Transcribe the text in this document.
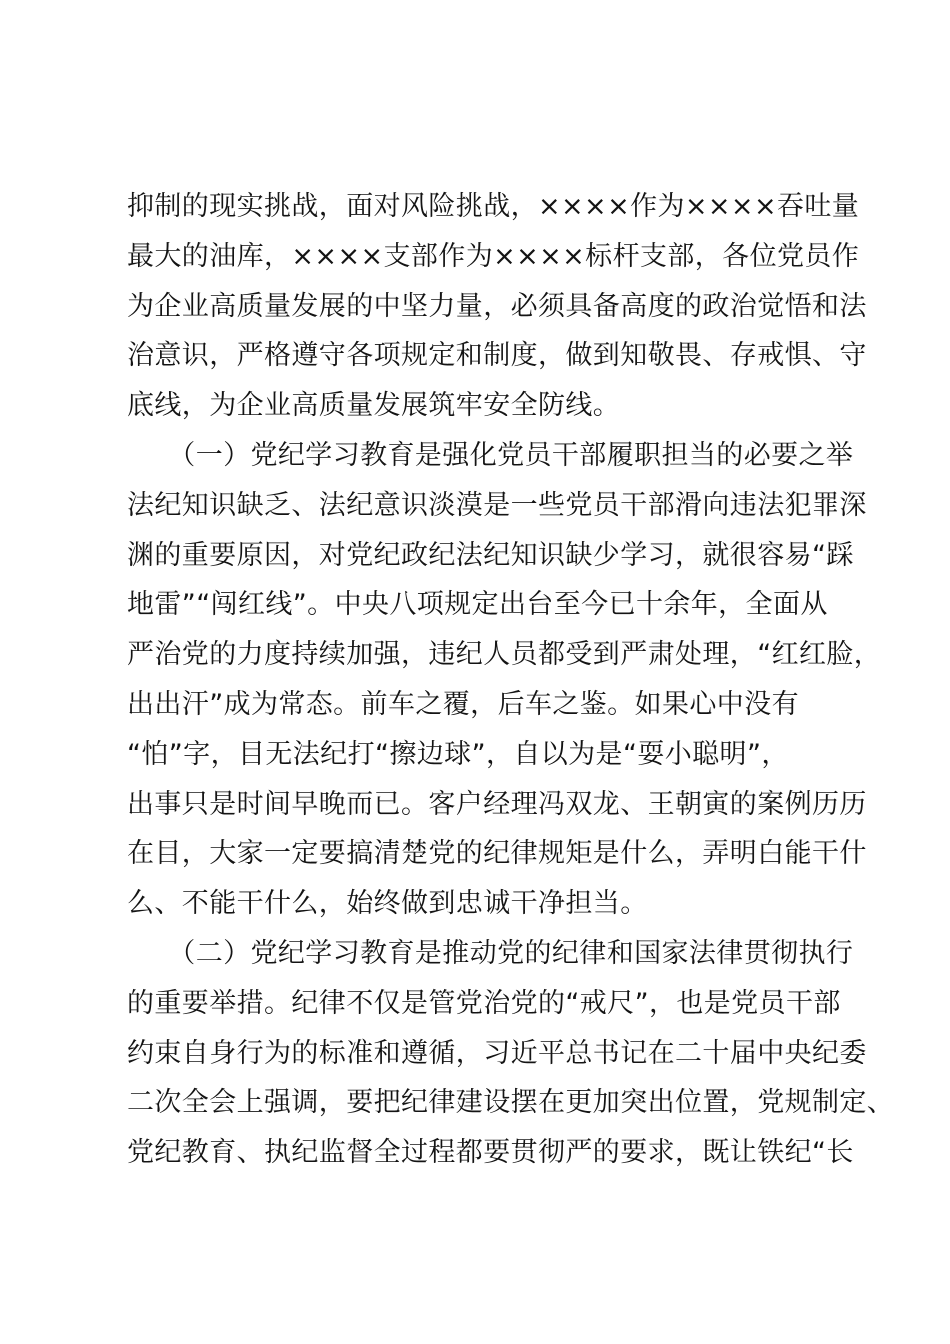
抑制的现实挑战，面对风险挑战，××××作为××××吞吐量
最大的油库，××××支部作为××××标杆支部，各位党员作
为企业高质量发展的中坚力量，必须具备高度的政治觉悟和法
治意识，严格遵守各项规定和制度，做到知敬畏、存戒惧、守
底线，为企业高质量发展筑牢安全防线。
　　（一）党纪学习教育是强化党员干部履职担当的必要之举
法纪知识缺乏、法纪意识淡漠是一些党员干部滑向违法犯罪深
渊的重要原因，对党纪政纪法纪知识缺少学习，就很容易“踩
地雷”“闯红线”。中央八项规定出台至今已十余年，全面从
严治党的力度持续加强，违纪人员都受到严肃处理，“红红脸，
出出汗”成为常态。前车之覆，后车之鉴。如果心中没有
“怕”字，目无法纪打“擦边球”，自以为是“耍小聪明”，
出事只是时间早晚而已。客户经理冯双龙、王朝寅的案例历历
在目，大家一定要搞清楚党的纪律规矩是什么，弄明白能干什
么、不能干什么，始终做到忠诚干净担当。
　　（二）党纪学习教育是推动党的纪律和国家法律贯彻执行
的重要举措。纪律不仅是管党治党的“戒尺”，也是党员干部
约束自身行为的标准和遵循，习近平总书记在二十届中央纪委
二次全会上强调，要把纪律建设摆在更加突出位置，党规制定、
党纪教育、执纪监督全过程都要贯彻严的要求，既让铁纪“长
